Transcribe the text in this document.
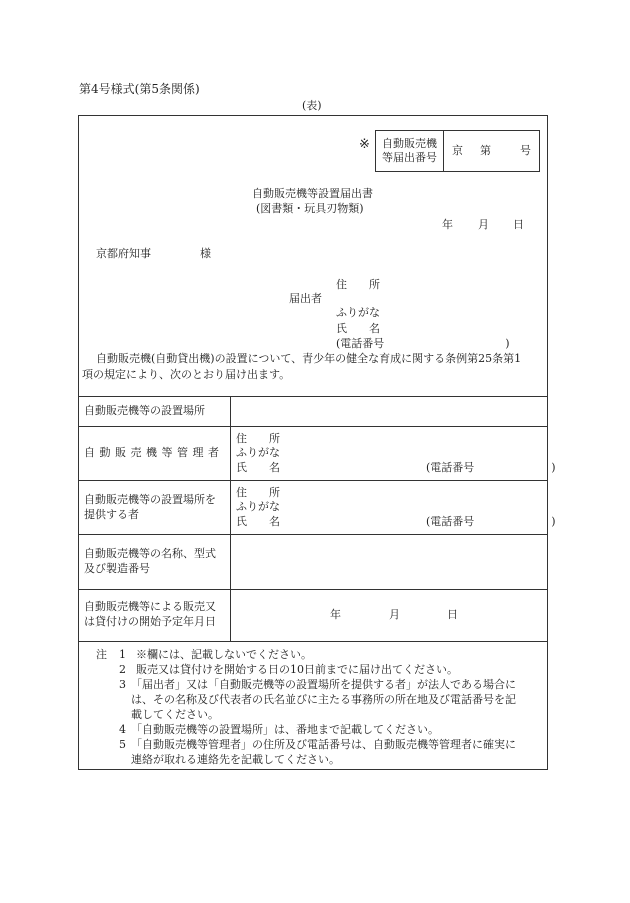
第4号様式(第5条関係)
(表)
※ 自動販売機
等届出番号
京 第	号
自動販売機等設置届出書
(図書類・玩具刃物類)
年 月 日
京都府知事	様
住　　所
届出者
ふりがな
氏　　名
(電話番号　　　　　　　　　　　)
自動販売機(自動貸出機)の設置について、青少年の健全な育成に関する条例第25条第1
項の規定により、次のとおり届け出ます。
自動販売機等の設置場所
自 動 販 売 機 等 管 理 者
住　　所
ふりがな
氏　　名	(電話番号　　　　　　　)
自動販売機等の設置場所を
提供する者
住　　所
ふりがな
氏　　名	(電話番号　　　　　　　)
自動販売機等の名称、型式
及び製造番号
自動販売機等による販売又
は貸付けの開始予定年月日
年	月	日
注 1 ※欄には、記載しないでください。
2 販売又は貸付けを開始する日の10日前までに届け出てください。
3 「届出者」又は「自動販売機等の設置場所を提供する者」が法人である場合に
は、その名称及び代表者の氏名並びに主たる事務所の所在地及び電話番号を記
載してください。
4 「自動販売機等の設置場所」は、番地まで記載してください。
5 「自動販売機等管理者」の住所及び電話番号は、自動販売機等管理者に確実に
連絡が取れる連絡先を記載してください。
